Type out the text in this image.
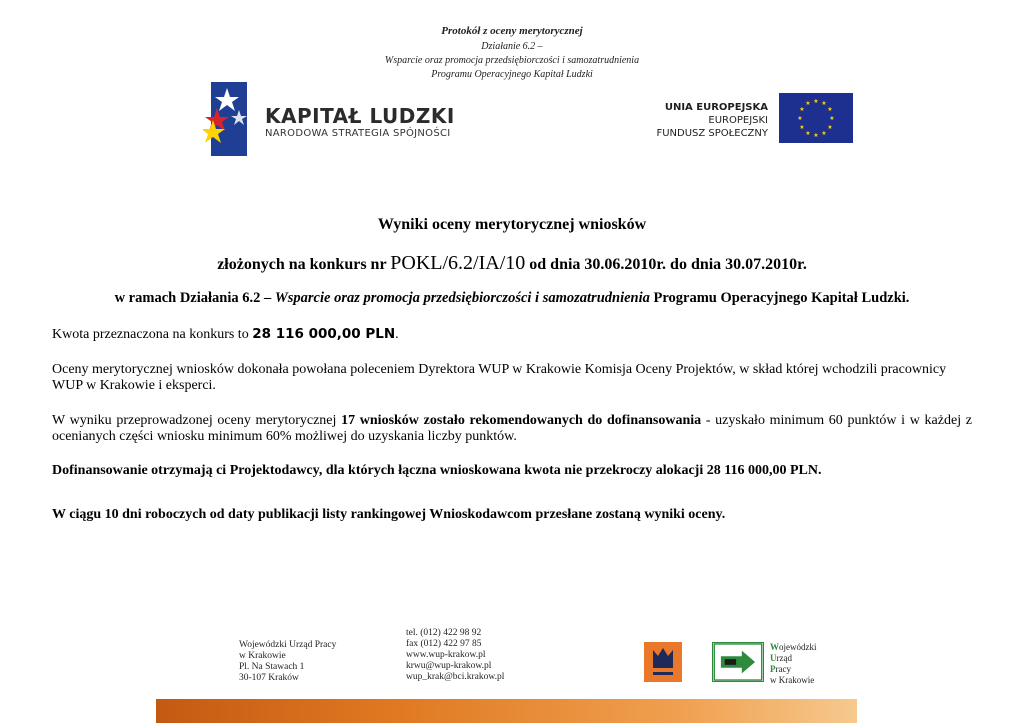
Protokół z oceny merytorycznej
Działanie 6.2 –
Wsparcie oraz promocja przedsiębiorczości i samozatrudnienia
Programu Operacyjnego Kapitał Ludzki
KAPITAŁ LUDZKI
NARODOWA STRATEGIA SPÓJNOŚCI
UNIA EUROPEJSKA
EUROPEJSKI
FUNDUSZ SPOŁECZNY
★ ★
★
★
★
★
★
★
★
★
★
★
Wyniki oceny merytorycznej wniosków
złożonych na konkurs nr POKL/6.2/IA/10 od dnia 30.06.2010r. do dnia 30.07.2010r.
w ramach Działania 6.2 – Wsparcie oraz promocja przedsiębiorczości i samozatrudnienia Programu Operacyjnego Kapitał Ludzki.
Kwota przeznaczona na konkurs to 28 116 000,00 PLN.
Oceny merytorycznej wniosków dokonała powołana poleceniem Dyrektora WUP w Krakowie Komisja Oceny Projektów, w skład której wchodzili pracownicy WUP w Krakowie i eksperci.
W wyniku przeprowadzonej oceny merytorycznej 17 wniosków zostało rekomendowanych do dofinansowania - uzyskało minimum 60 punktów i w każdej z ocenianych części wniosku minimum 60% możliwej do uzyskania liczby punktów.
Dofinansowanie otrzymają ci Projektodawcy, dla których łączna wnioskowana kwota nie przekroczy alokacji 28 116 000,00 PLN.
W ciągu 10 dni roboczych od daty publikacji listy rankingowej Wnioskodawcom przesłane zostaną wyniki oceny.
Wojewódzki Urząd Pracy
w Krakowie
Pl. Na Stawach 1
30-107 Kraków
tel. (012) 422 98 92
fax (012) 422 97 85
www.wup-krakow.pl
krwu@wup-krakow.pl
wup_krak@bci.krakow.pl
Wojewódzki
Urząd
Pracy
w Krakowie
